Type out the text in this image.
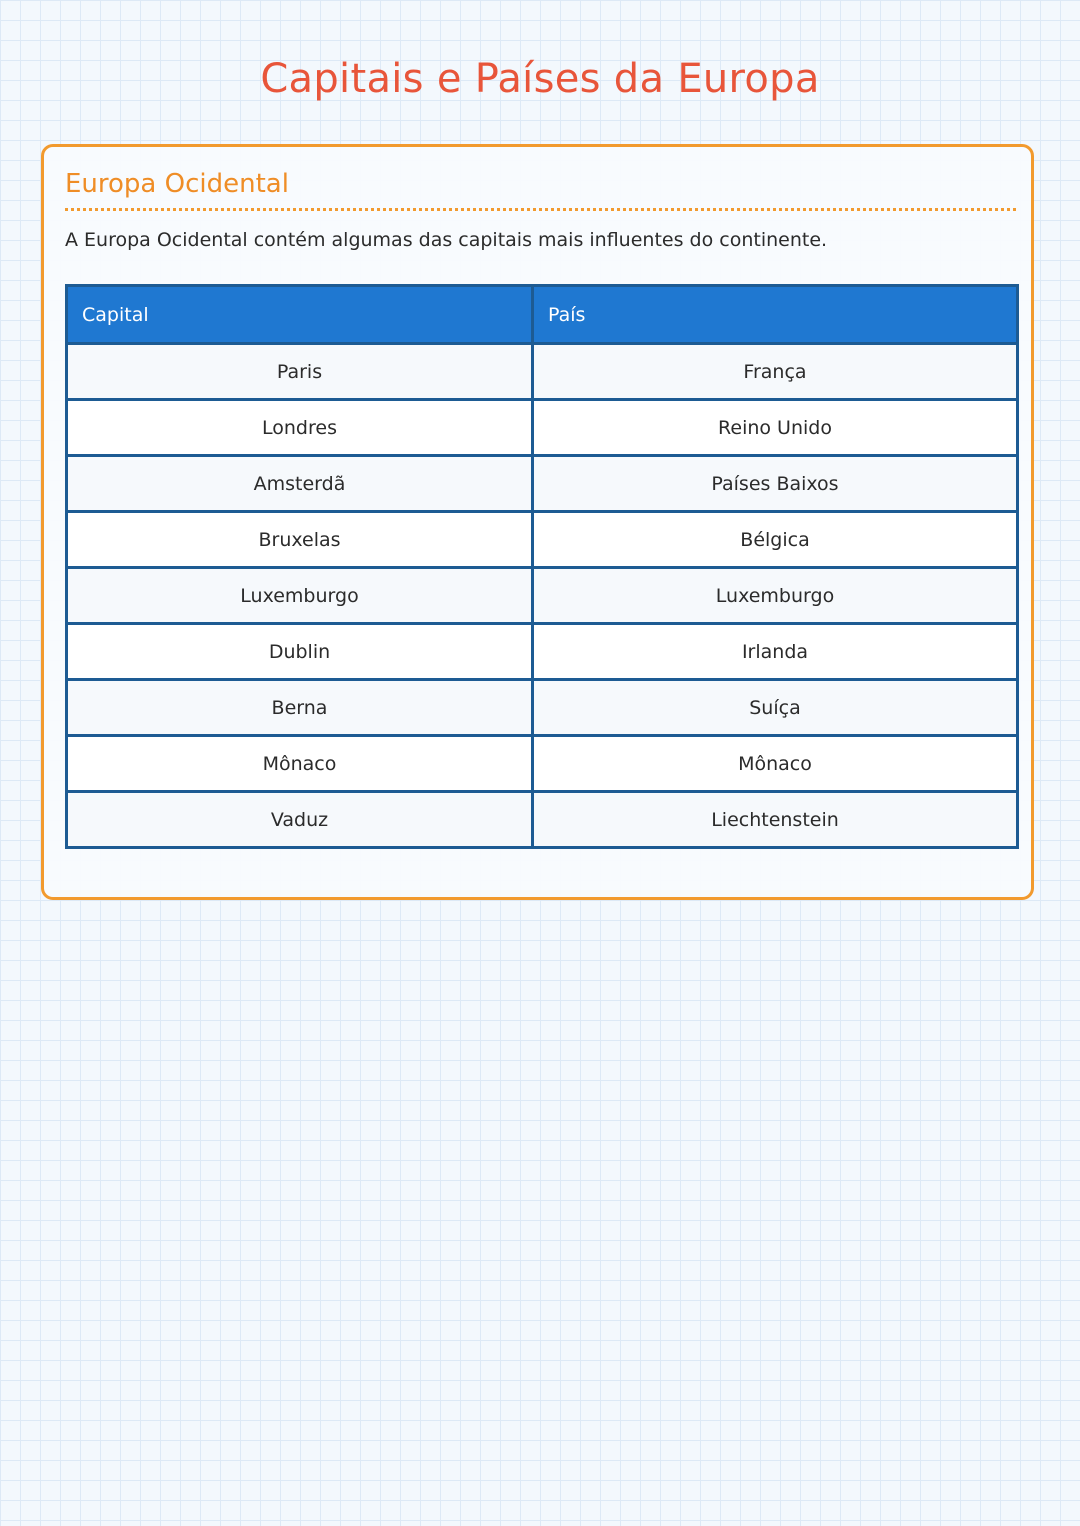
Capitais e Países da Europa
Europa Ocidental

A Europa Ocidental contém algumas das capitais mais influentes do continente.

Capital	País
Paris	França
Londres	Reino Unido
Amsterdã	Países Baixos
Bruxelas	Bélgica
Luxemburgo	Luxemburgo
Dublin	Irlanda
Berna	Suíça
Mônaco	Mônaco
Vaduz	Liechtenstein
